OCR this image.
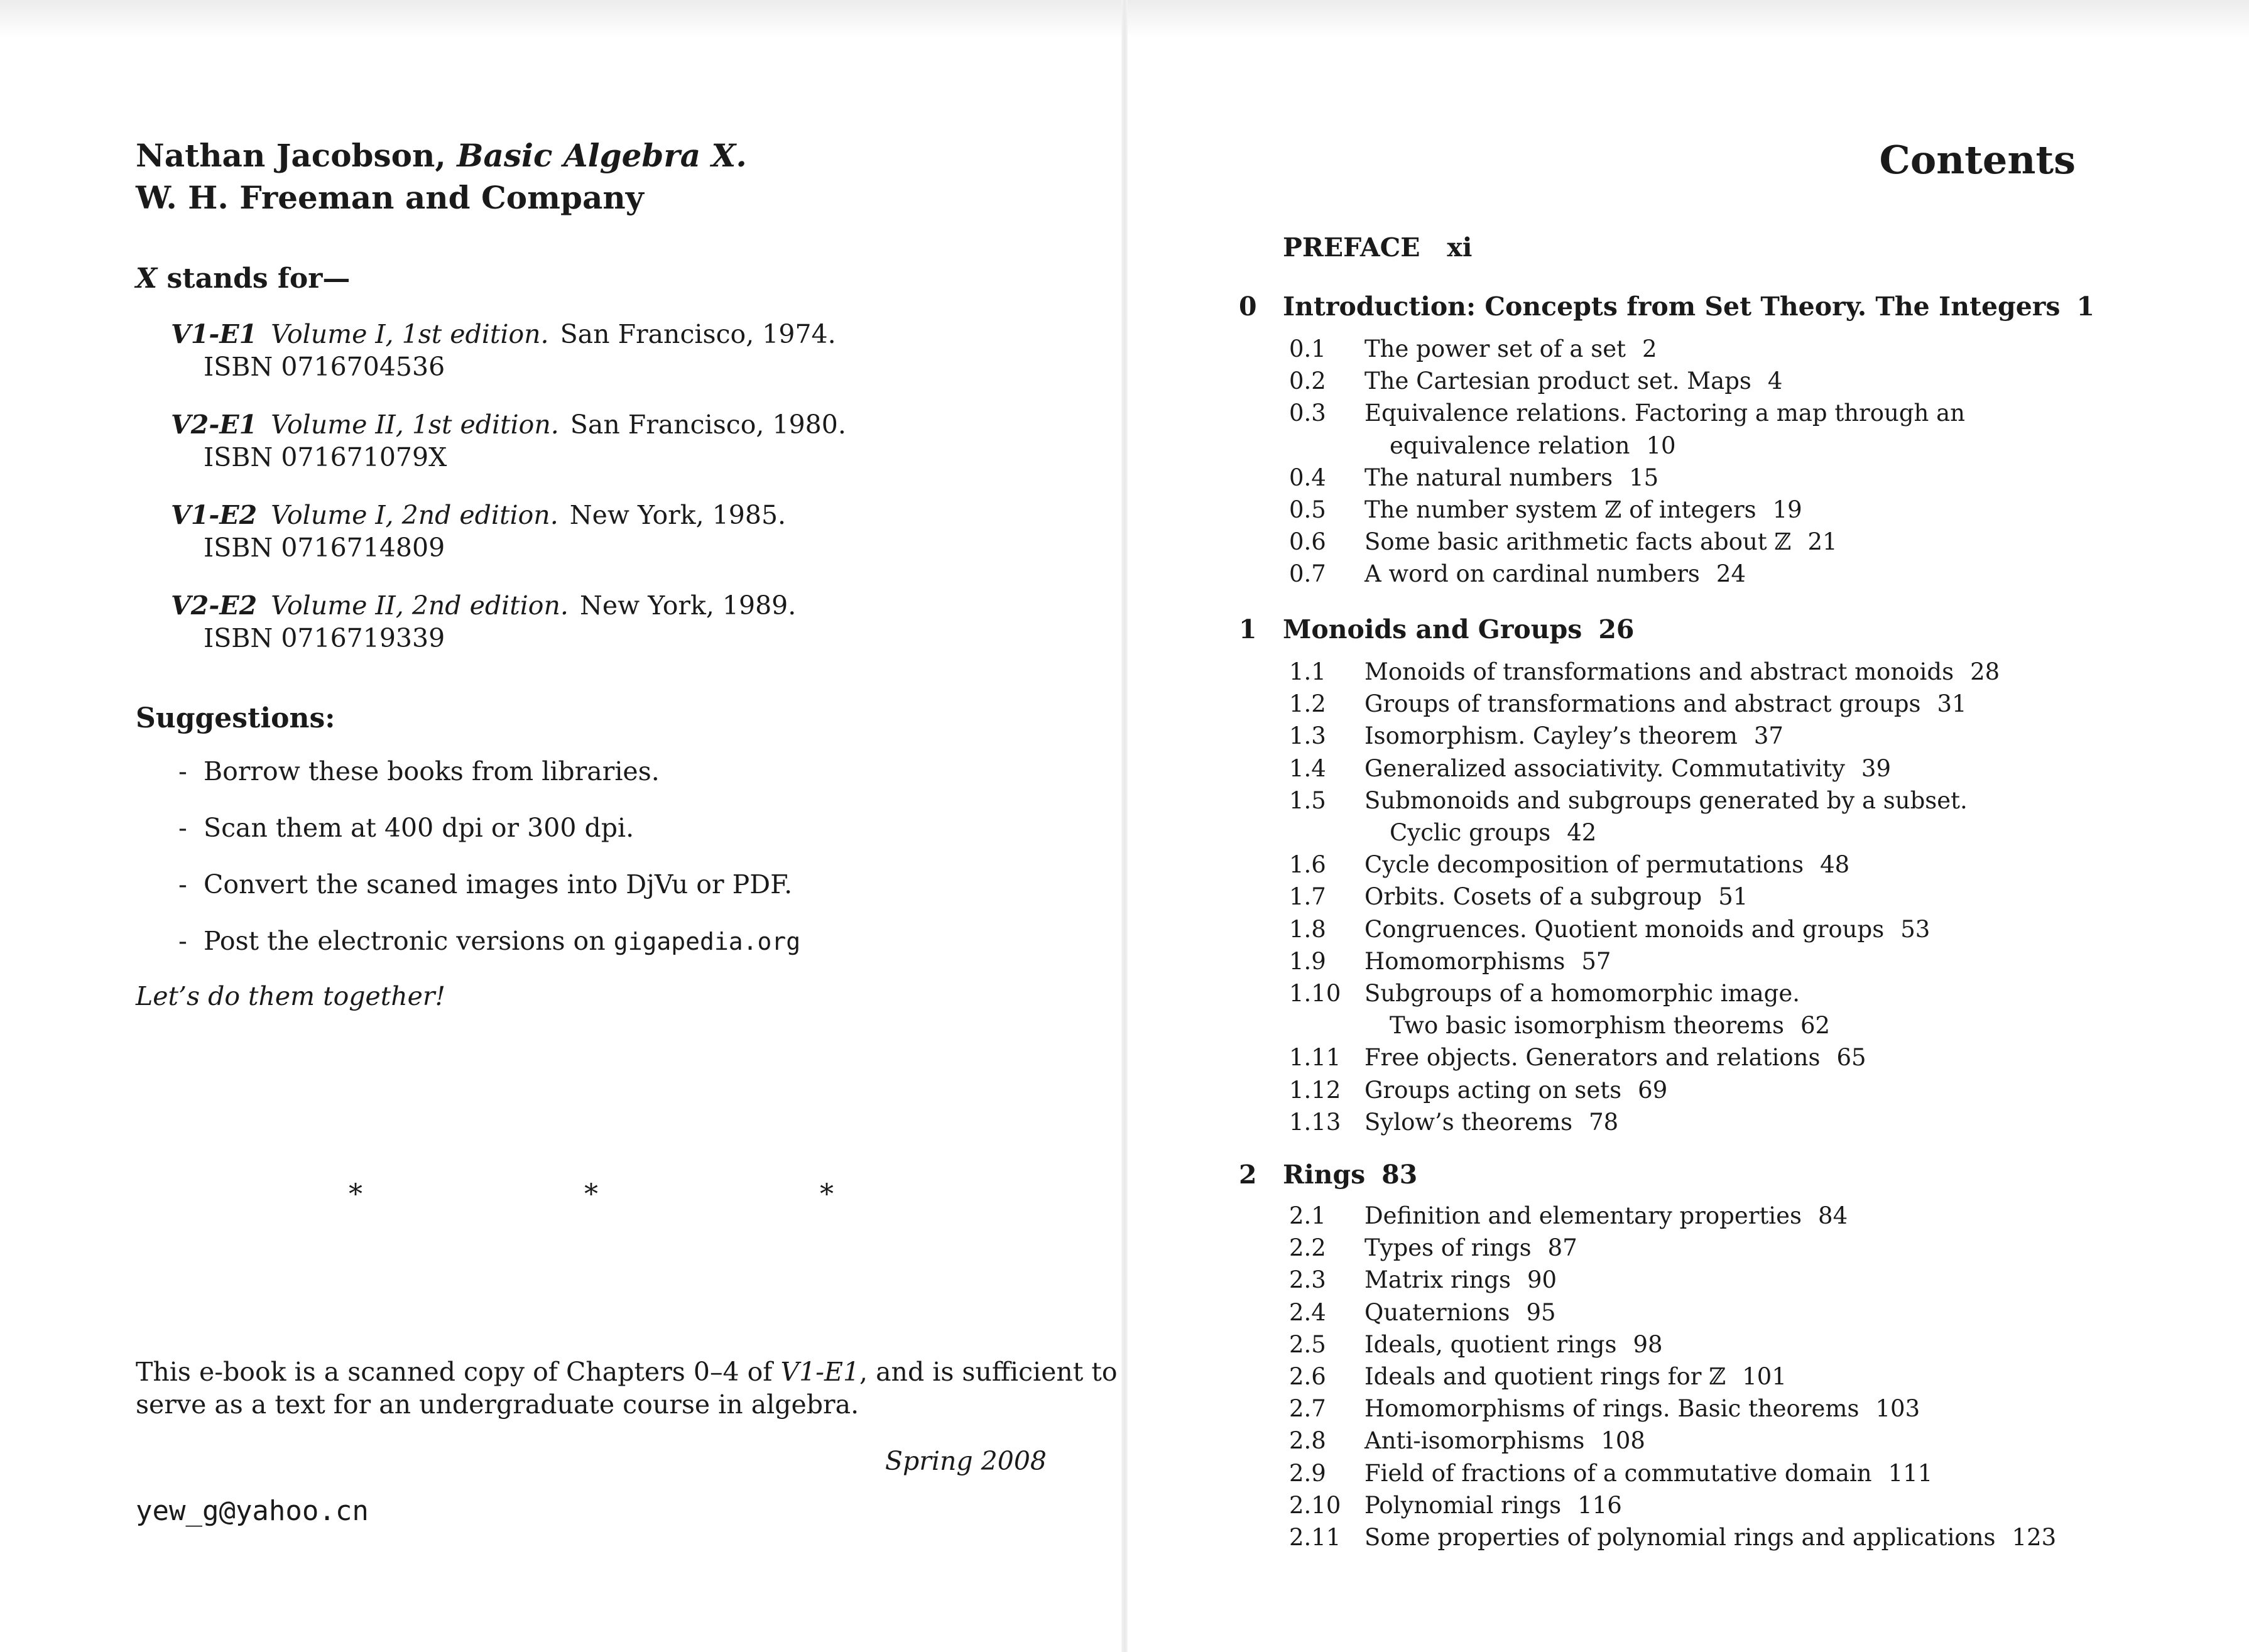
Nathan Jacobson, Basic Algebra X.
W. H. Freeman and Company
X stands for—
V1-E1 Volume I, 1st edition. San Francisco, 1974.
ISBN 0716704536
V2-E1 Volume II, 1st edition. San Francisco, 1980.
ISBN 071671079X
V1-E2 Volume I, 2nd edition. New York, 1985.
ISBN 0716714809
V2-E2 Volume II, 2nd edition. New York, 1989.
ISBN 0716719339
Suggestions:
- Borrow these books from libraries.
- Scan them at 400 dpi or 300 dpi.
- Convert the scaned images into DjVu or PDF.
- Post the electronic versions on gigapedia.org
Let’s do them together!
*	*	*
This e-book is a scanned copy of Chapters 0–4 of V1-E1, and is sufficient to
serve as a text for an undergraduate course in algebra.
Spring 2008
yew_g@yahoo.cn
Contents
PREFACE   xi
0 Introduction: Concepts from Set Theory. The Integers 1
0.1 The power set of a set 2
0.2 The Cartesian product set. Maps 4
0.3 Equivalence relations. Factoring a map through an
equivalence relation 10
0.4 The natural numbers 15
0.5 The number system ℤ of integers 19
0.6 Some basic arithmetic facts about ℤ 21
0.7 A word on cardinal numbers 24
1 Monoids and Groups 26
1.1 Monoids of transformations and abstract monoids 28
1.2 Groups of transformations and abstract groups 31
1.3 Isomorphism. Cayley’s theorem 37
1.4 Generalized associativity. Commutativity 39
1.5 Submonoids and subgroups generated by a subset.
Cyclic groups 42
1.6 Cycle decomposition of permutations 48
1.7 Orbits. Cosets of a subgroup 51
1.8 Congruences. Quotient monoids and groups 53
1.9 Homomorphisms 57
1.10 Subgroups of a homomorphic image.
Two basic isomorphism theorems 62
1.11 Free objects. Generators and relations 65
1.12 Groups acting on sets 69
1.13 Sylow’s theorems 78
2 Rings 83
2.1 Definition and elementary properties 84
2.2 Types of rings 87
2.3 Matrix rings 90
2.4 Quaternions 95
2.5 Ideals, quotient rings 98
2.6 Ideals and quotient rings for ℤ 101
2.7 Homomorphisms of rings. Basic theorems 103
2.8 Anti-isomorphisms 108
2.9 Field of fractions of a commutative domain 111
2.10 Polynomial rings 116
2.11 Some properties of polynomial rings and applications 123
